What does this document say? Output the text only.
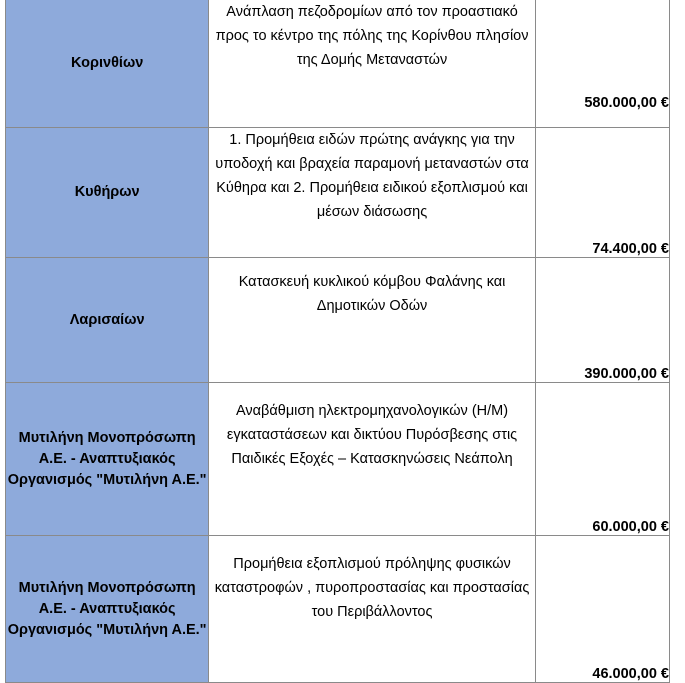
Κορινθίων	Ανάπλαση πεζοδρομίων από τον προαστιακό προς το κέντρο της πόλης της Κορίνθου πλησίον της Δομής Μεταναστών	580.000,00 €
Κυθήρων	1. Προμήθεια ειδών πρώτης ανάγκης για την υποδοχή και βραχεία παραμονή μεταναστών στα Κύθηρα και 2. Προμήθεια ειδικού εξοπλισμού και μέσων διάσωσης	74.400,00 €
Λαρισαίων	Κατασκευή κυκλικού κόμβου Φαλάνης και Δημοτικών Οδών	390.000,00 €
Μυτιλήνη Μονοπρόσωπη Α.Ε. - Αναπτυξιακός Οργανισμός "Μυτιλήνη Α.Ε."	Αναβάθμιση ηλεκτρομηχανολογικών (Η/Μ) εγκαταστάσεων και δικτύου Πυρόσβεσης στις Παιδικές Εξοχές – Κατασκηνώσεις Νεάπολη	60.000,00 €
Μυτιλήνη Μονοπρόσωπη Α.Ε. - Αναπτυξιακός Οργανισμός "Μυτιλήνη Α.Ε."	Προμήθεια εξοπλισμού πρόληψης φυσικών καταστροφών , πυροπροστασίας και προστασίας του Περιβάλλοντος	46.000,00 €
